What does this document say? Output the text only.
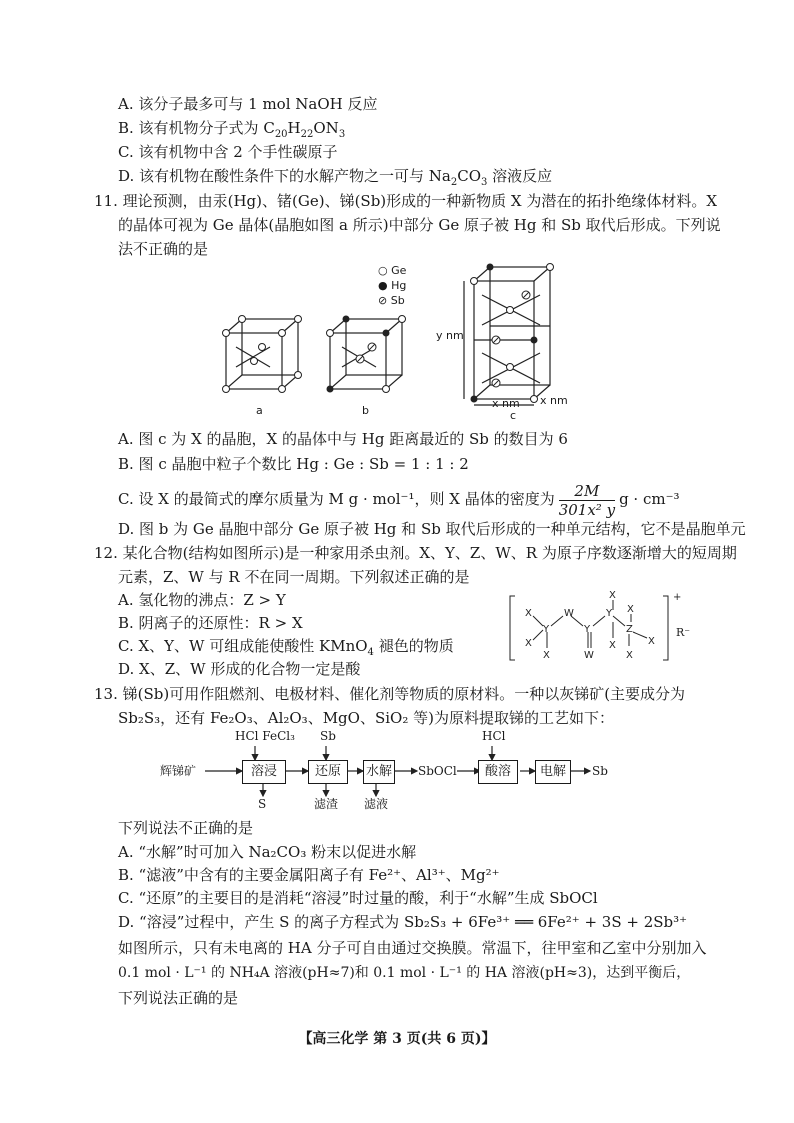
A. 该分子最多可与 1 mol NaOH 反应
B. 该有机物分子式为 $C_{20}H_{22}ON_3$
C. 该有机物中含 2 个手性碳原子
D. 该有机物在酸性条件下的水解产物之一可与 $Na_2CO_3$ 溶液反应
11. 理论预测，由汞(Hg)、锗(Ge)、锑(Sb)形成的一种新物质 X 为潜在的拓扑绝缘体材料。X
的晶体可视为 Ge 晶体(晶胞如图 a 所示)中部分 Ge 原子被 Hg 和 Sb 取代后形成。下列说
法不正确的是
○ Ge
● Hg
⊘ Sb
a	b	c
y nm
x nm x nm
A. 图 c 为 X 的晶胞，X 的晶体中与 Hg 距离最近的 Sb 的数目为 6
B. 图 c 晶胞中粒子个数比 Hg : Ge : Sb = 1 : 1 : 2
C. 设 X 的最简式的摩尔质量为 M g · mol⁻¹，则 X 晶体的密度为 $\frac{2M}{\text{301x² y}}$ g · cm⁻³
D. 图 b 为 Ge 晶胞中部分 Ge 原子被 Hg 和 Sb 取代后形成的一种单元结构，它不是晶胞单元
12. 某化合物(结构如图所示)是一种家用杀虫剂。X、Y、Z、W、R 为原子序数逐渐增大的短周期
元素，Z、W 与 R 不在同一周期。下列叙述正确的是
A. 氢化物的沸点：Z > Y
B. 阴离子的还原性：R > X
C. X、Y、W 可组成能使酸性 KMnO$_4$ 褪色的物质
D. X、Z、W 形成的化合物一定是酸
X
X
Y
X
W
Y
W
Y
X
X
X
Z
X
X
+
R⁻
13. 锑(Sb)可用作阻燃剂、电极材料、催化剂等物质的原材料。一种以灰锑矿(主要成分为
Sb₂S₃，还有 Fe₂O₃、Al₂O₃、MgO、SiO₂ 等)为原料提取锑的工艺如下：
辉锑矿
HCl FeCl₃ Sb	HCl
溶浸	还原	水解 SbOCl	酸溶	电解	Sb
S	滤渣 滤液
下列说法不正确的是
A. “水解”时可加入 Na₂CO₃ 粉末以促进水解
B. “滤液”中含有的主要金属阳离子有 Fe²⁺、Al³⁺、Mg²⁺
C. “还原”的主要目的是消耗“溶浸”时过量的酸，利于“水解”生成 SbOCl
D. “溶浸”过程中，产生 S 的离子方程式为 Sb₂S₃ + 6Fe³⁺ ══ 6Fe²⁺ + 3S + 2Sb³⁺
如图所示，只有未电离的 HA 分子可自由通过交换膜。常温下，往甲室和乙室中分别加入
0.1 mol · L⁻¹ 的 NH₄A 溶液(pH≈7)和 0.1 mol · L⁻¹ 的 HA 溶液(pH≈3)，达到平衡后，
下列说法正确的是
【高三化学 第 3 页(共 6 页)】
